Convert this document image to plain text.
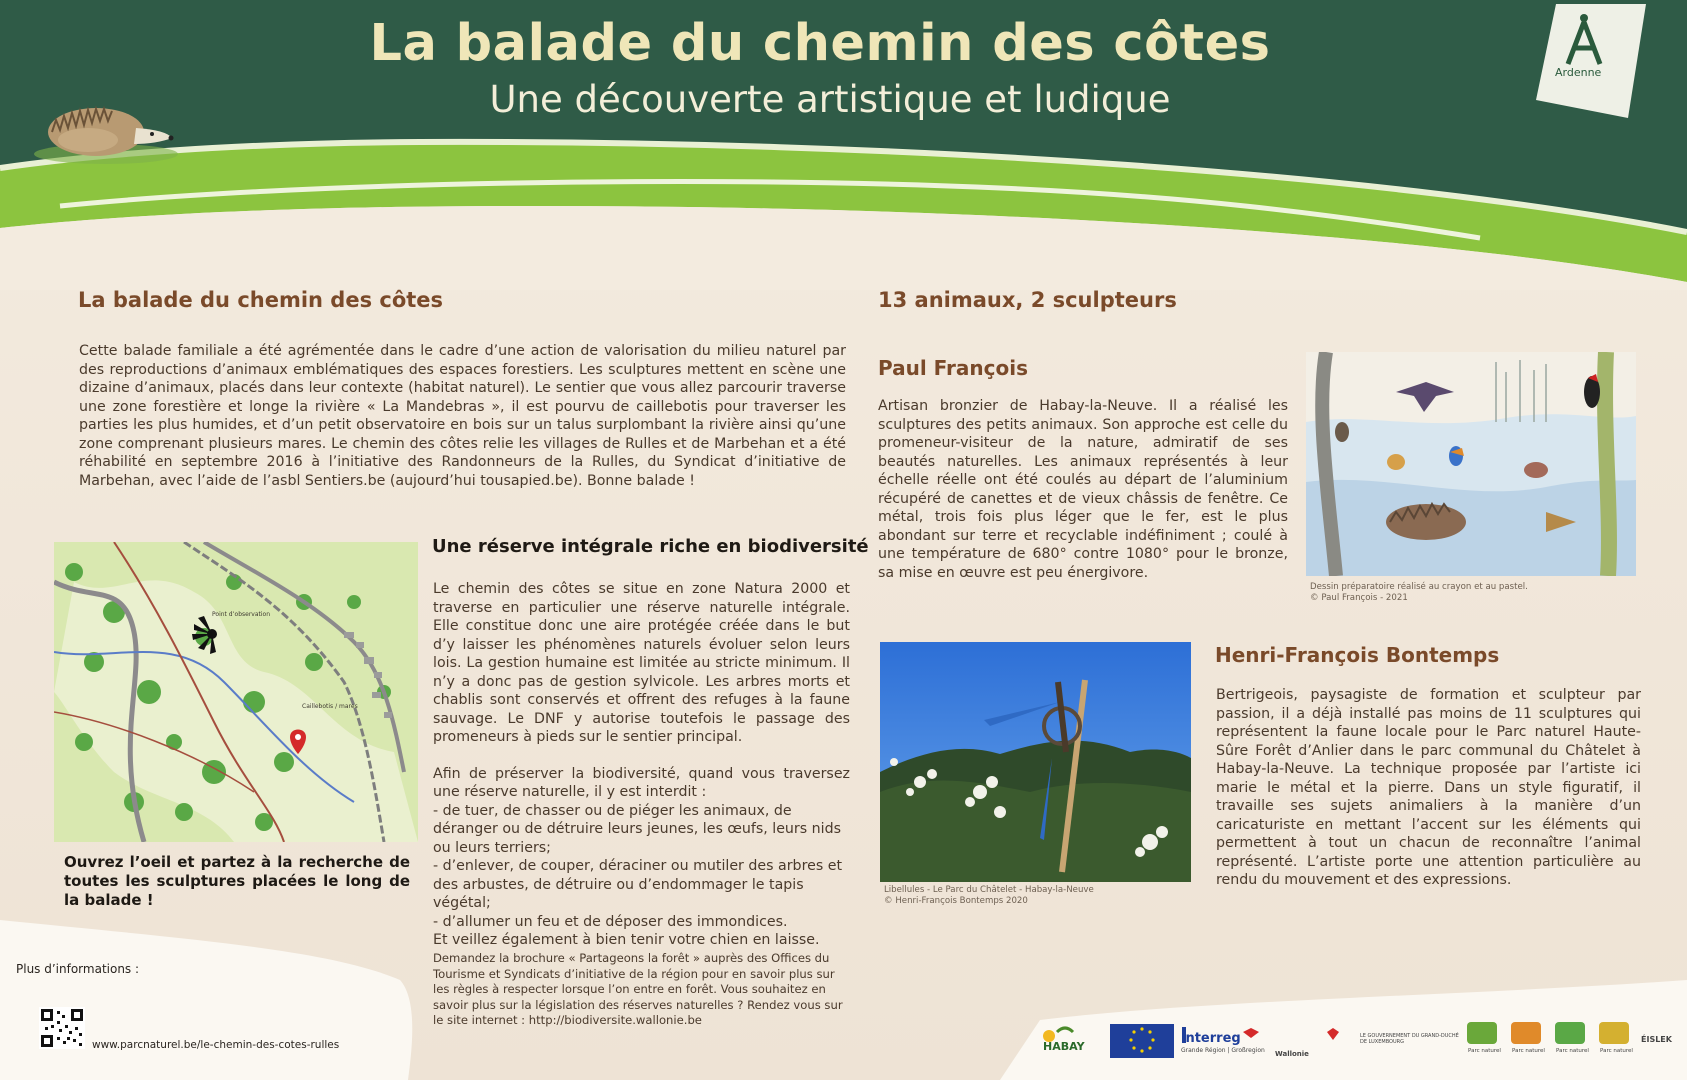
La balade du chemin des côtes
Une découverte artistique et ludique
Ardenne
La balade du chemin des côtes
Cette balade familiale a été agrémentée dans le cadre d’une action de valorisation du milieu naturel par des reproductions d’animaux emblématiques des espaces forestiers. Les sculptures mettent en scène une dizaine d’animaux, placés dans leur contexte (habitat naturel). Le sentier que vous allez parcourir traverse une zone forestière et longe la rivière « La Mandebras », il est pourvu de caillebotis pour traverser les parties les plus humides, et d’un petit observatoire en bois sur un talus surplombant la rivière ainsi qu’une zone comprenant plusieurs mares. Le chemin des côtes relie les villages de Rulles et de Marbehan et a été réhabilité en septembre 2016 à l’initiative des Randonneurs de la Rulles, du Syndicat d’initiative de Marbehan, avec l’aide de l’asbl Sentiers.be (aujourd’hui tousapied.be). Bonne balade !
Point d’observation
Caillebotis / mares
Ouvrez l’oeil et partez à la recherche de toutes les sculptures placées le long de la balade !
Plus d’informations :
www.parcnaturel.be/le-chemin-des-cotes-rulles
Une réserve intégrale riche en biodiversité

Le chemin des côtes se situe en zone Natura 2000 et traverse en particulier une réserve naturelle intégrale. Elle constitue donc une aire protégée créée dans le but d’y laisser les phénomènes naturels évoluer selon leurs lois. La gestion humaine est limitée au stricte minimum. Il n’y a donc pas de gestion sylvicole. Les arbres morts et chablis sont conservés et offrent des refuges à la faune sauvage. Le DNF y autorise toutefois le passage des promeneurs à pieds sur le sentier principal.

Afin de préserver la biodiversité, quand vous traversez une réserve naturelle, il y est interdit :

- de tuer, de chasser ou de piéger les animaux, de déranger ou de détruire leurs jeunes, les œufs, leurs nids ou leurs terriers;

- d’enlever, de couper, déraciner ou mutiler des arbres et des arbustes, de détruire ou d’endommager le tapis végétal;

- d’allumer un feu et de déposer des immondices.

Et veillez également à bien tenir votre chien en laisse.

Demandez la brochure « Partageons la forêt » auprès des Offices du Tourisme et Syndicats d’initiative de la région pour en savoir plus sur les règles à respecter lorsque l’on entre en forêt. Vous souhaitez en savoir plus sur la législation des réserves naturelles ? Rendez vous sur le site internet : http://biodiversite.wallonie.be
13 animaux, 2 sculpteurs
Paul François
Artisan bronzier de Habay-la-Neuve. Il a réalisé les sculptures des petits animaux. Son approche est celle du promeneur-visiteur de la nature, admiratif de ses beautés naturelles. Les animaux représentés à leur échelle réelle ont été coulés au départ de l’aluminium récupéré de canettes et de vieux châssis de fenêtre. Ce métal, trois fois plus léger que le fer, est le plus abondant sur terre et recyclable indéfiniment ; coulé à une température de 680° contre 1080° pour le bronze, sa mise en œuvre est peu énergivore.
Dessin préparatoire réalisé au crayon et au pastel.
© Paul François - 2021
Libellules - Le Parc du Châtelet - Habay-la-Neuve
© Henri-François Bontemps 2020
Henri-François Bontemps
Bertrigeois, paysagiste de formation et sculpteur par passion, il a déjà installé pas moins de 11 sculptures qui représentent la faune locale pour le Parc naturel Haute-Sûre Forêt d’Anlier dans le parc communal du Châtelet à Habay-la-Neuve. La technique proposée par l’artiste ici marie le métal et la pierre. Dans un style figuratif, il travaille ses sujets animaliers à la manière d’un caricaturiste en mettant l’accent sur les éléments qui permettent à tout un chacun de reconnaître l’animal représenté. L’artiste porte une attention particulière au rendu du mouvement et des expressions.
HABAY
interreg
Grande Région | Großregion Wallonie
LE GOUVERNEMENT DU GRAND-DUCHÉ DE LUXEMBOURG
Parc naturel Parc naturel Parc naturel Parc naturel
ÉISLEK
